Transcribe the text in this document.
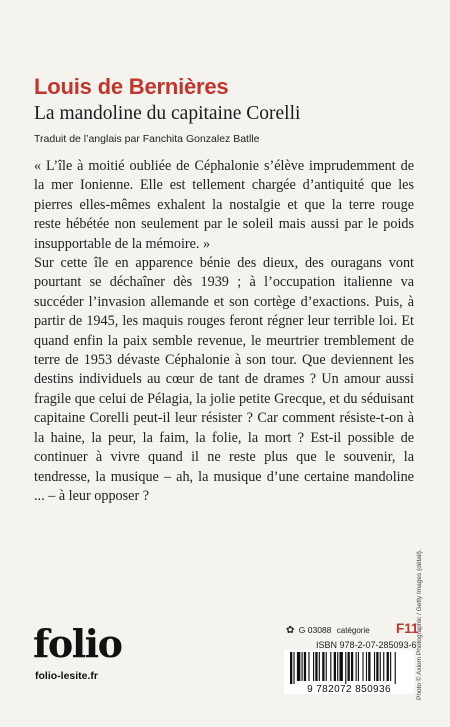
Louis de Bernières
La mandoline du capitaine Corelli
Traduit de l’anglais par Fanchita Gonzalez Batlle

« L’île à moitié oubliée de Céphalonie s’élève imprudemment de la mer Ionienne. Elle est tellement chargée d’antiquité que les pierres elles-mêmes exhalent la nostalgie et que la terre rouge reste hébétée non seulement par le soleil mais aussi par le poids insupportable de la mémoire. »

Sur cette île en apparence bénie des dieux, des ouragans vont pourtant se déchaîner dès 1939 ; à l’occupation italienne va succéder l’invasion allemande et son cortège d’exactions. Puis, à partir de 1945, les maquis rouges feront régner leur terrible loi. Et quand enfin la paix semble revenue, le meurtrier tremblement de terre de 1953 dévaste Céphalonie à son tour. Que deviennent les destins individuels au cœur de tant de drames ? Un amour aussi fragile que celui de Pélagia, la jolie petite Grecque, et du séduisant capitaine Corelli peut-il leur résister ? Car comment résiste-t-on à la haine, la peur, la faim, la folie, la mort ? Est-il possible de continuer à vivre quand il ne reste plus que le souvenir, la tendresse, la musique – ah, la musique d’une certaine mandoline ... – à leur opposer ?

Photo © Axiom Photographic / Getty Images (détail).
folio
folio-lesite.fr
✿ G 03088 catégorie F11
ISBN 978-2-07-285093-6
9 782072 850936
